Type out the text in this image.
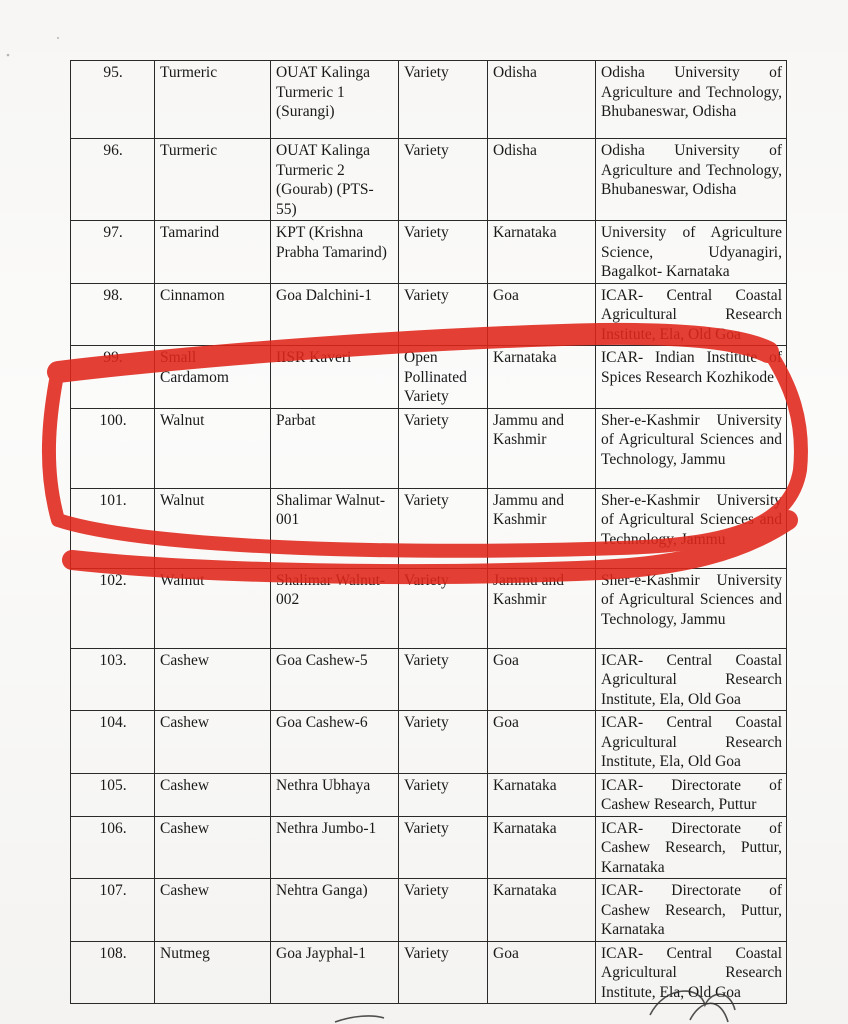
95.	Turmeric	OUAT Kalinga Turmeric 1 (Surangi)	Variety	Odisha	Odisha University of Agriculture and Technology, Bhubaneswar, Odisha
96.	Turmeric	OUAT Kalinga Turmeric 2 (Gourab) (PTS-55)	Variety	Odisha	Odisha University of Agriculture and Technology, Bhubaneswar, Odisha
97.	Tamarind	KPT (Krishna Prabha Tamarind)	Variety	Karnataka	University of Agriculture Science, Udyanagiri, Bagalkot- Karnataka
98.	Cinnamon	Goa Dalchini-1	Variety	Goa	ICAR- Central Coastal Agricultural Research Institute, Ela, Old Goa
99.	Small Cardamom	IISR Kaveri	Open Pollinated Variety	Karnataka	ICAR- Indian Institute of Spices Research Kozhikode
100.	Walnut	Parbat	Variety	Jammu and Kashmir	Sher-e-Kashmir University of Agricultural Sciences and Technology, Jammu
101.	Walnut	Shalimar Walnut-001	Variety	Jammu and Kashmir	Sher-e-Kashmir University of Agricultural Sciences and Technology, Jammu
102.	Walnut	Shalimar Walnut-002	Variety	Jammu and Kashmir	Sher-e-Kashmir University of Agricultural Sciences and Technology, Jammu
103.	Cashew	Goa Cashew-5	Variety	Goa	ICAR- Central Coastal Agricultural Research Institute, Ela, Old Goa
104.	Cashew	Goa Cashew-6	Variety	Goa	ICAR- Central Coastal Agricultural Research Institute, Ela, Old Goa
105.	Cashew	Nethra Ubhaya	Variety	Karnataka	ICAR- Directorate of Cashew Research, Puttur
106.	Cashew	Nethra Jumbo-1	Variety	Karnataka	ICAR- Directorate of Cashew Research, Puttur, Karnataka
107.	Cashew	Nehtra Ganga)	Variety	Karnataka	ICAR- Directorate of Cashew Research, Puttur, Karnataka
108.	Nutmeg	Goa Jayphal-1	Variety	Goa	ICAR- Central Coastal Agricultural Research Institute, Ela, Old Goa
